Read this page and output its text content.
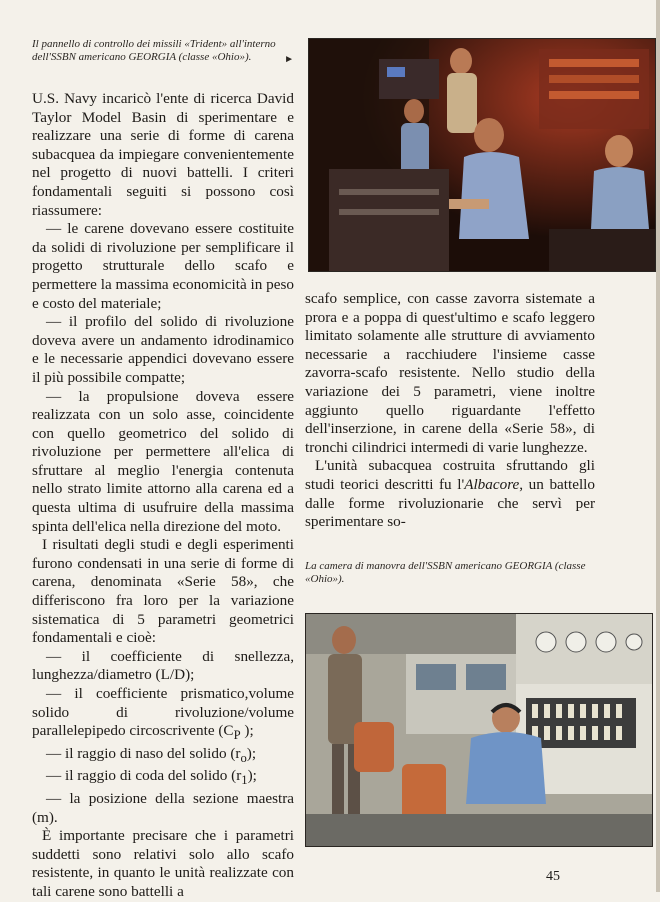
Il pannello di controllo dei missili «Trident» all'interno dell'SSBN americano GEORGIA (classe «Ohio»).	►

U.S. Navy incaricò l'ente di ricerca David Taylor Model Basin di sperimentare e realizzare una serie di forme di carena subacquea da impiegare convenientemente nel progetto di nuovi battelli. I criteri fondamentali seguiti si possono così riassumere:

— le carene dovevano essere costituite da solidi di rivoluzione per semplificare il progetto strutturale dello scafo e permettere la massima economicità in peso e costo del materiale;

— il profilo del solido di rivoluzione doveva avere un andamento idrodinamico e le necessarie appendici dovevano essere il più possibile compatte;

— la propulsione doveva essere realizzata con un solo asse, coincidente con quello geometrico del solido di rivoluzione per permettere all'elica di sfruttare al meglio l'energia contenuta nello strato limite attorno alla carena ed a questa ultima di usufruire della massima spinta dell'elica nella direzione del moto.

I risultati degli studi e degli esperimenti furono condensati in una serie di forme di carena, denominata «Serie 58», che differiscono fra loro per la variazione sistematica di 5 parametri geometrici fondamentali e cioè:

— il coefficiente di snellezza, lunghezza/diametro (L/D);

— il coefficiente prismatico,volume solido di rivoluzione/volume parallelepipedo circoscrivente ($C_P$ );

— il raggio di naso del solido $(r_o)$;

— il raggio di coda del solido $(r_1)$;

— la posizione della sezione maestra (m).

È importante precisare che i parametri suddetti sono relativi solo allo scafo resistente, in quanto le unità realizzate con tali carene sono battelli a

scafo semplice, con casse zavorra sistemate a prora e a poppa di quest'ultimo e scafo leggero limitato solamente alle strutture di avviamento necessarie a racchiudere l'insieme casse zavorra-scafo resistente. Nello studio della variazione dei 5 parametri, viene inoltre aggiunto quello riguardante l'effetto dell'inserzione, in carene della «Serie 58», di tronchi cilindrici intermedi di varie lunghezze.

L'unità subacquea costruita sfruttando gli studi teorici descritti fu l'Albacore, un battello dalle forme rivoluzionarie che servì per sperimentare so-

La camera di manovra dell'SSBN americano GEORGIA (classe «Ohio»).

45
